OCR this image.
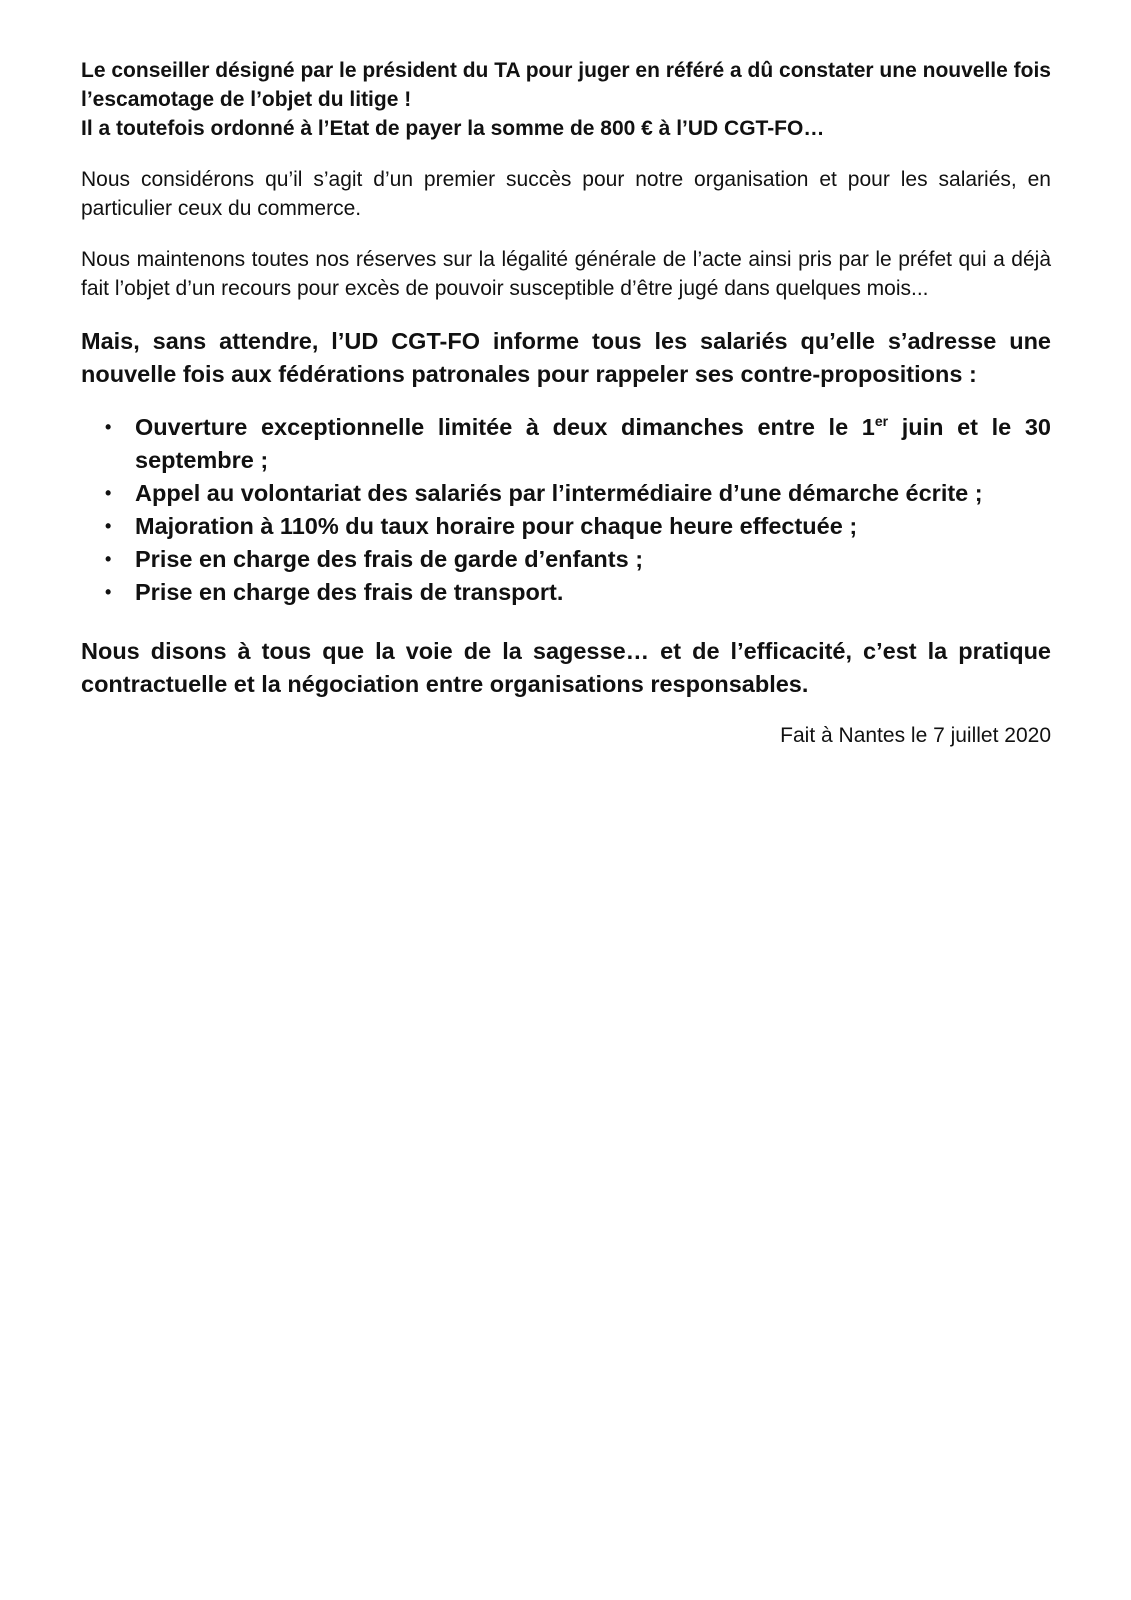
Le conseiller désigné par le président du TA pour juger en référé a dû constater une nouvelle fois l’escamotage de l’objet du litige !
Il a toutefois ordonné à l’Etat de payer la somme de 800 € à l’UD CGT-FO…

Nous considérons qu’il s’agit d’un premier succès pour notre organisation et pour les salariés, en particulier ceux du commerce.

Nous maintenons toutes nos réserves sur la légalité générale de l’acte ainsi pris par le préfet qui a déjà fait l’objet d’un recours pour excès de pouvoir susceptible d’être jugé dans quelques mois...

Mais, sans attendre, l’UD CGT-FO informe tous les salariés qu’elle s’adresse une nouvelle fois aux fédérations patronales pour rappeler ses contre-propositions :

• Ouverture exceptionnelle limitée à deux dimanches entre le 1er juin et le 30 septembre ;
• Appel au volontariat des salariés par l’intermédiaire d’une démarche écrite ;
• Majoration à 110% du taux horaire pour chaque heure effectuée ;
• Prise en charge des frais de garde d’enfants ;
• Prise en charge des frais de transport.

Nous disons à tous que la voie de la sagesse… et de l’efficacité, c’est la pratique contractuelle et la négociation entre organisations responsables.

Fait à Nantes le 7 juillet 2020
